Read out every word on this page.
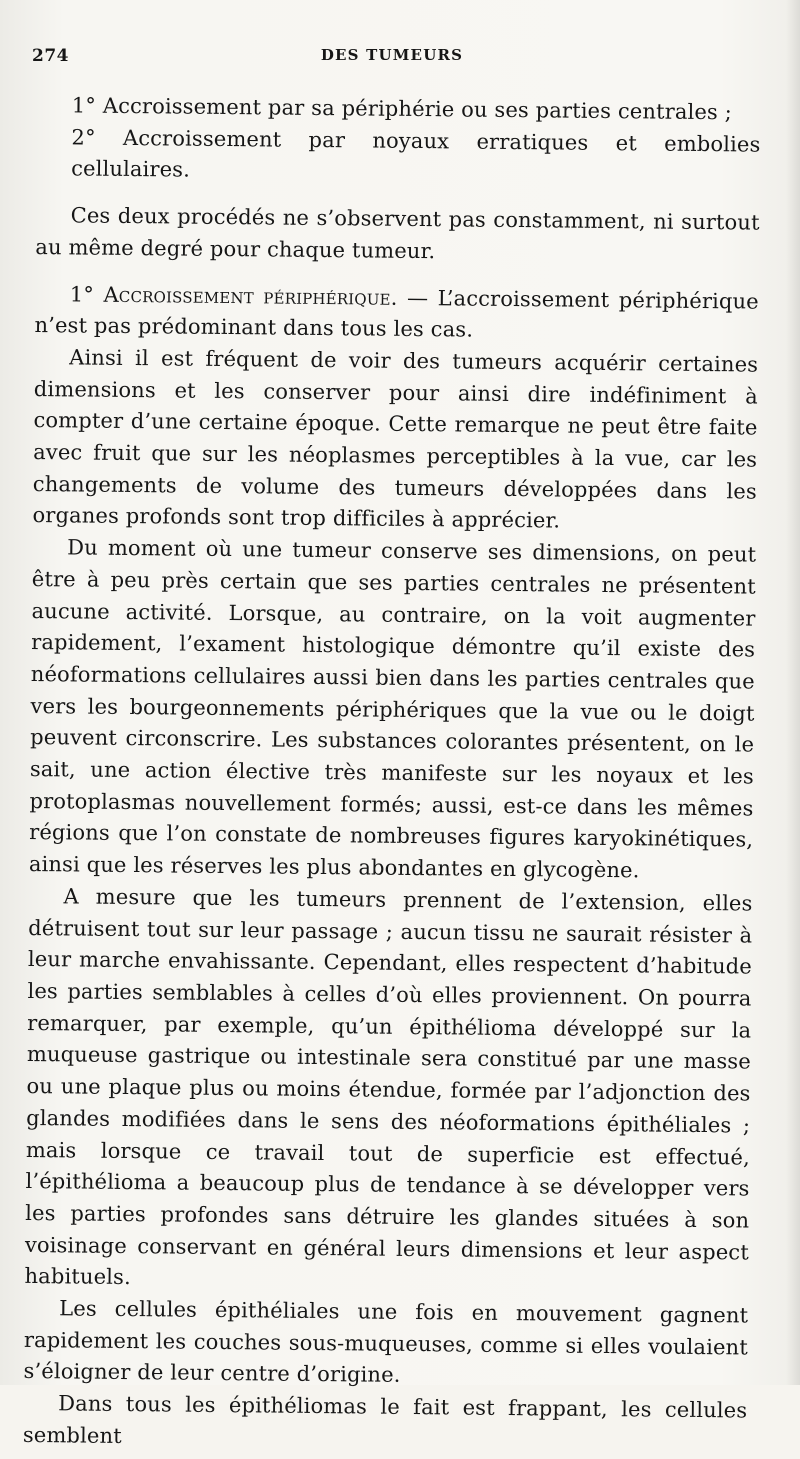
274	DES TUMEURS
1° Accroissement par sa périphérie ou ses parties centrales ;
2° Accroissement par noyaux erratiques et embolies cellulaires.

Ces deux procédés ne s’observent pas constamment, ni surtout au même degré pour chaque tumeur.

1° Accroissement périphérique. — L’accroissement périphérique n’est pas prédominant dans tous les cas.

Ainsi il est fréquent de voir des tumeurs acquérir certaines dimensions et les conserver pour ainsi dire indéfiniment à compter d’une certaine époque. Cette remarque ne peut être faite avec fruit que sur les néoplasmes perceptibles à la vue, car les changements de volume des tumeurs développées dans les organes profonds sont trop difficiles à apprécier.

Du moment où une tumeur conserve ses dimensions, on peut être à peu près certain que ses parties centrales ne présentent aucune activité. Lorsque, au contraire, on la voit augmenter rapidement, l’exament histologique démontre qu’il existe des néoformations cellulaires aussi bien dans les parties centrales que vers les bourgeonnements périphériques que la vue ou le doigt peuvent circonscrire. Les substances colorantes présentent, on le sait, une action élective très manifeste sur les noyaux et les protoplasmas nouvellement formés; aussi, est-ce dans les mêmes régions que l’on constate de nombreuses figures karyokinétiques, ainsi que les réserves les plus abondantes en glycogène.

A mesure que les tumeurs prennent de l’extension, elles détruisent tout sur leur passage ; aucun tissu ne saurait résister à leur marche envahissante. Cependant, elles respectent d’habitude les parties semblables à celles d’où elles proviennent. On pourra remarquer, par exemple, qu’un épithélioma développé sur la muqueuse gastrique ou intestinale sera constitué par une masse ou une plaque plus ou moins étendue, formée par l’adjonction des glandes modifiées dans le sens des néoformations épithéliales ; mais lorsque ce travail tout de superficie est effectué, l’épithélioma a beaucoup plus de tendance à se développer vers les parties profondes sans détruire les glandes situées à son voisinage conservant en général leurs dimensions et leur aspect habituels.

Les cellules épithéliales une fois en mouvement gagnent rapidement les couches sous-muqueuses, comme si elles voulaient s’éloigner de leur centre d’origine.

Dans tous les épithéliomas le fait est frappant, les cellules semblent
